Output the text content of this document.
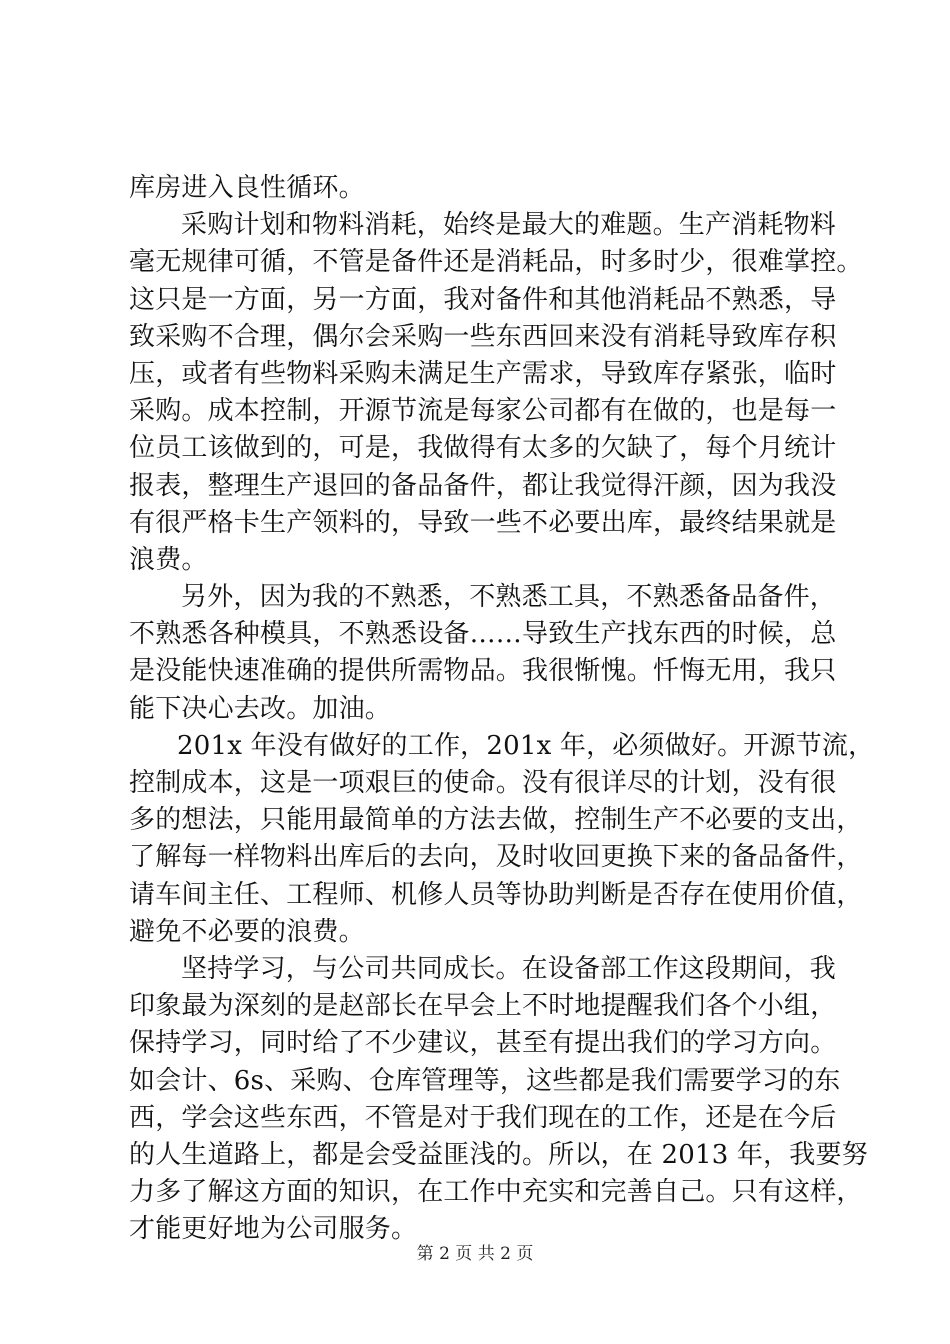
库房进入良性循环。
采购计划和物料消耗，始终是最大的难题。生产消耗物料
毫无规律可循，不管是备件还是消耗品，时多时少，很难掌控。
这只是一方面，另一方面，我对备件和其他消耗品不熟悉，导
致采购不合理，偶尔会采购一些东西回来没有消耗导致库存积
压，或者有些物料采购未满足生产需求，导致库存紧张，临时
采购。成本控制，开源节流是每家公司都有在做的，也是每一
位员工该做到的，可是，我做得有太多的欠缺了，每个月统计
报表，整理生产退回的备品备件，都让我觉得汗颜，因为我没
有很严格卡生产领料的，导致一些不必要出库，最终结果就是
浪费。
另外，因为我的不熟悉，不熟悉工具，不熟悉备品备件，
不熟悉各种模具，不熟悉设备……导致生产找东西的时候，总
是没能快速准确的提供所需物品。我很惭愧。忏悔无用，我只
能下决心去改。加油。
201x 年没有做好的工作，201x 年，必须做好。开源节流，
控制成本，这是一项艰巨的使命。没有很详尽的计划，没有很
多的想法，只能用最简单的方法去做，控制生产不必要的支出，
了解每一样物料出库后的去向，及时收回更换下来的备品备件，
请车间主任、工程师、机修人员等协助判断是否存在使用价值，
避免不必要的浪费。
坚持学习，与公司共同成长。在设备部工作这段期间，我
印象最为深刻的是赵部长在早会上不时地提醒我们各个小组，
保持学习，同时给了不少建议，甚至有提出我们的学习方向。
如会计、6s、采购、仓库管理等，这些都是我们需要学习的东
西，学会这些东西，不管是对于我们现在的工作，还是在今后
的人生道路上，都是会受益匪浅的。所以，在 2013 年，我要努
力多了解这方面的知识，在工作中充实和完善自己。只有这样，
才能更好地为公司服务。
第 2 页 共 2 页
